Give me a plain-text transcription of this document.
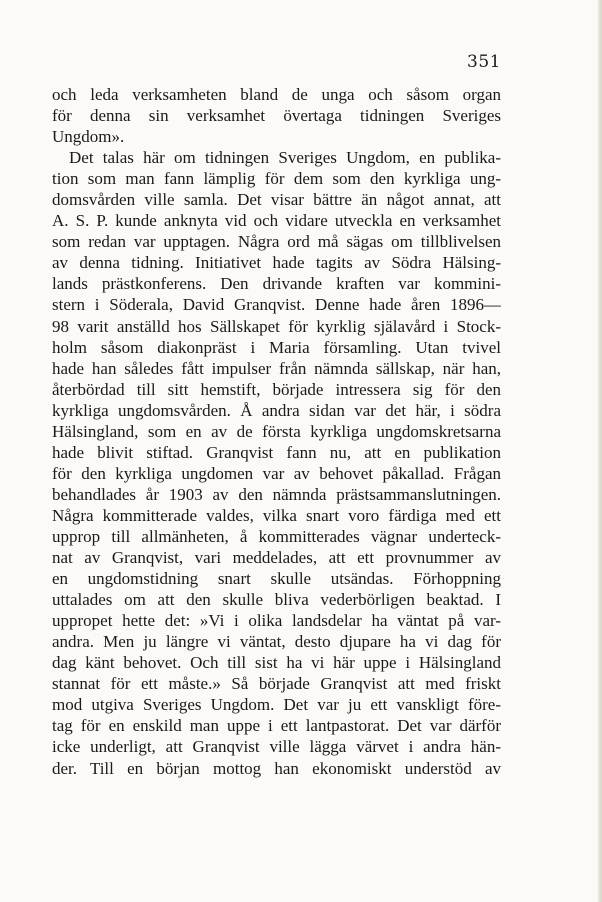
351
och leda verksamheten bland de unga och såsom organ
för denna sin verksamhet övertaga tidningen Sveriges
Ungdom».
Det talas här om tidningen Sveriges Ungdom, en publika-
tion som man fann lämplig för dem som den kyrkliga ung-
domsvården ville samla. Det visar bättre än något annat, att
A. S. P. kunde anknyta vid och vidare utveckla en verksamhet
som redan var upptagen. Några ord må sägas om tillblivelsen
av denna tidning. Initiativet hade tagits av Södra Hälsing-
lands prästkonferens. Den drivande kraften var kommini-
stern i Söderala, David Granqvist. Denne hade åren 1896—
98 varit anställd hos Sällskapet för kyrklig själavård i Stock-
holm såsom diakonpräst i Maria församling. Utan tvivel
hade han således fått impulser från nämnda sällskap, när han,
återbördad till sitt hemstift, började intressera sig för den
kyrkliga ungdomsvården. Å andra sidan var det här, i södra
Hälsingland, som en av de första kyrkliga ungdomskretsarna
hade blivit stiftad. Granqvist fann nu, att en publikation
för den kyrkliga ungdomen var av behovet påkallad. Frågan
behandlades år 1903 av den nämnda prästsammanslutningen.
Några kommitterade valdes, vilka snart voro färdiga med ett
upprop till allmänheten, å kommitterades vägnar underteck-
nat av Granqvist, vari meddelades, att ett provnummer av
en ungdomstidning snart skulle utsändas. Förhoppning
uttalades om att den skulle bliva vederbörligen beaktad. I
uppropet hette det: »Vi i olika landsdelar ha väntat på var-
andra. Men ju längre vi väntat, desto djupare ha vi dag för
dag känt behovet. Och till sist ha vi här uppe i Hälsingland
stannat för ett måste.» Så började Granqvist att med friskt
mod utgiva Sveriges Ungdom. Det var ju ett vanskligt före-
tag för en enskild man uppe i ett lantpastorat. Det var därför
icke underligt, att Granqvist ville lägga värvet i andra hän-
der. Till en början mottog han ekonomiskt understöd av
